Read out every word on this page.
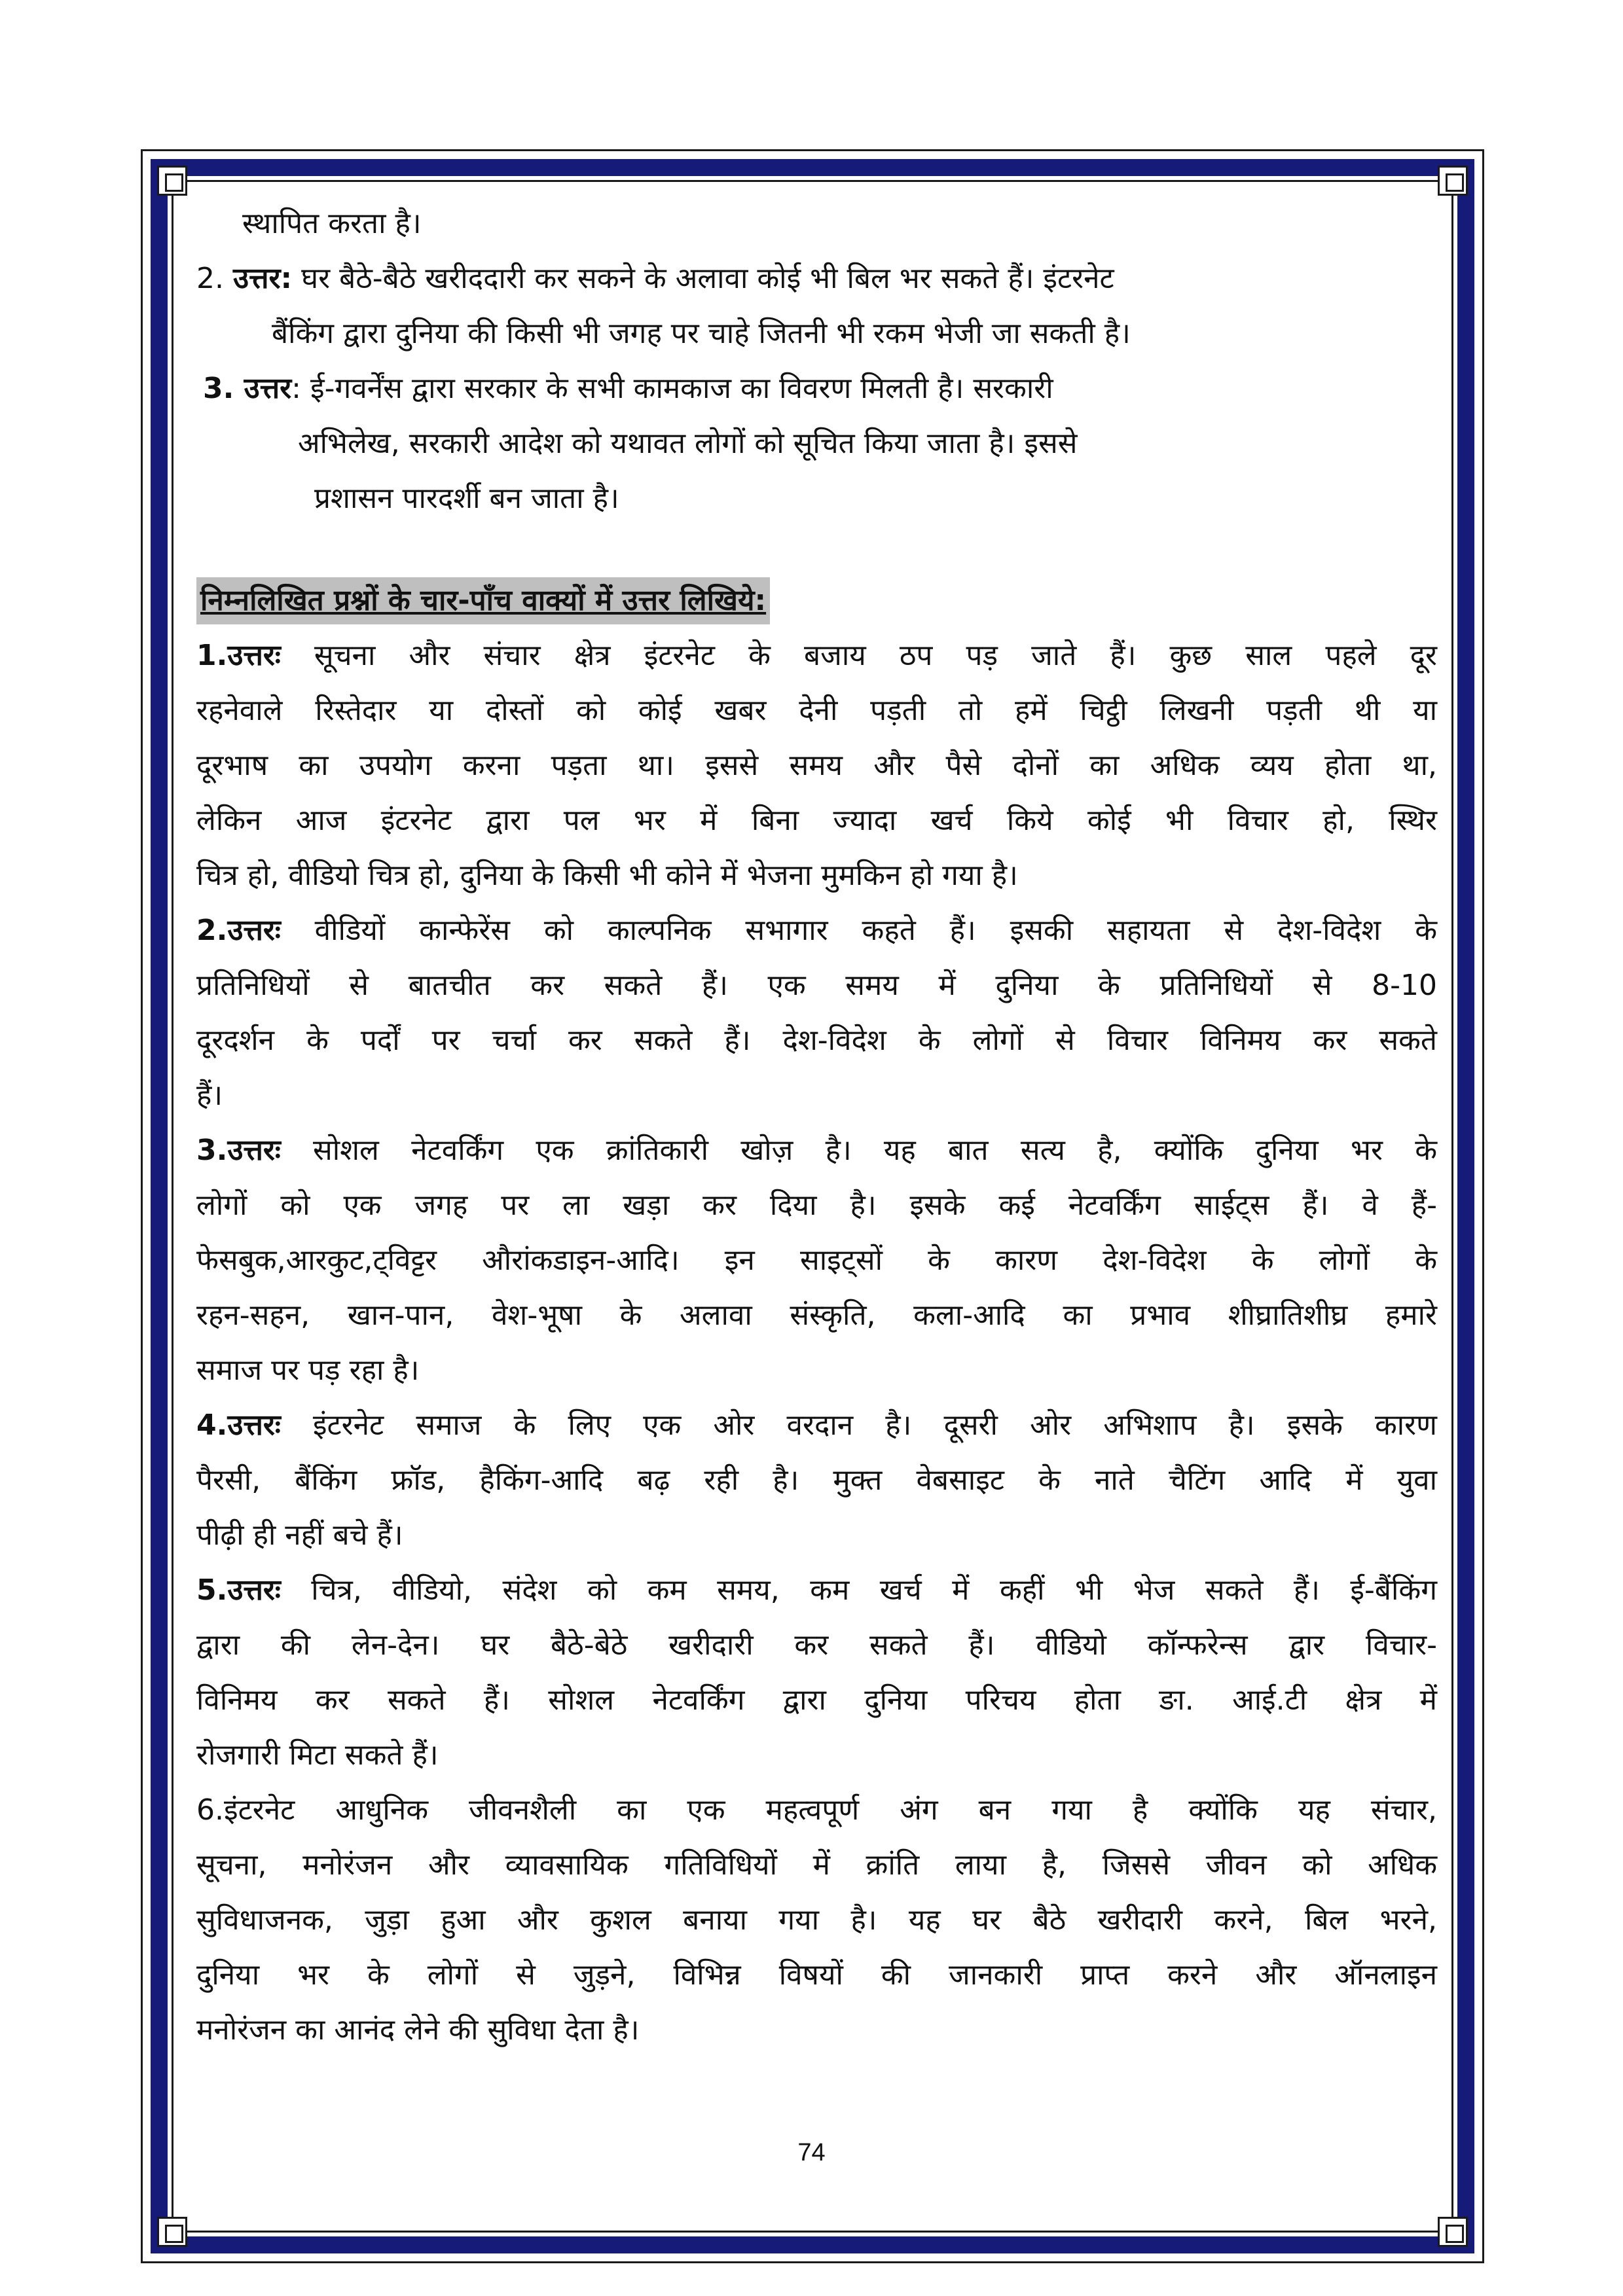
स्थापित करता है।
2. उत्तर: घर बैठे-बैठे खरीददारी कर सकने के अलावा कोई भी बिल भर सकते हैं। इंटरनेट
बैंकिंग द्वारा दुनिया की किसी भी जगह पर चाहे जितनी भी रकम भेजी जा सकती है।
3. उत्तर: ई-गवर्नेंस द्वारा सरकार के सभी कामकाज का विवरण मिलती है। सरकारी
अभिलेख, सरकारी आदेश को यथावत लोगों को सूचित किया जाता है। इससे
प्रशासन पारदर्शी बन जाता है।
निम्नलिखित प्रश्नों के चार-पाँच वाक्यों में उत्तर लिखिये:
1.उत्तरः सूचना और संचार क्षेत्र इंटरनेट के बजाय ठप पड़ जाते हैं। कुछ साल पहले दूर
रहनेवाले रिस्तेदार या दोस्तों को कोई खबर देनी पड़ती तो हमें चिट्ठी लिखनी पड़ती थी या
दूरभाष का उपयोग करना पड़ता था। इससे समय और पैसे दोनों का अधिक व्यय होता था,
लेकिन आज इंटरनेट द्वारा पल भर में बिना ज्यादा खर्च किये कोई भी विचार हो, स्थिर
चित्र हो, वीडियो चित्र हो, दुनिया के किसी भी कोने में भेजना मुमकिन हो गया है।
2.उत्तरः वीडियों कान्फेरेंस को काल्पनिक सभागार कहते हैं। इसकी सहायता से देश-विदेश के
प्रतिनिधियों से बातचीत कर सकते हैं। एक समय में दुनिया के प्रतिनिधियों से 8-10
दूरदर्शन के पर्दों पर चर्चा कर सकते हैं। देश-विदेश के लोगों से विचार विनिमय कर सकते
हैं।
3.उत्तरः सोशल नेटवर्किंग एक क्रांतिकारी खोज़ है। यह बात सत्य है, क्योंकि दुनिया भर के
लोगों को एक जगह पर ला खड़ा कर दिया है। इसके कई नेटवर्किंग साईट्स हैं। वे हैं-
फेसबुक,आरकुट,ट्विट्टर औरांकडाइन-आदि। इन साइट्सों के कारण देश-विदेश के लोगों के
रहन-सहन, खान-पान, वेश-भूषा के अलावा संस्कृति, कला-आदि का प्रभाव शीघ्रातिशीघ्र हमारे
समाज पर पड़ रहा है।
4.उत्तरः इंटरनेट समाज के लिए एक ओर वरदान है। दूसरी ओर अभिशाप है। इसके कारण
पैरसी, बैंकिंग फ्रॉड, हैकिंग-आदि बढ़ रही है। मुक्त वेबसाइट के नाते चैटिंग आदि में युवा
पीढ़ी ही नहीं बचे हैं।
5.उत्तरः चित्र, वीडियो, संदेश को कम समय, कम खर्च में कहीं भी भेज सकते हैं। ई-बैंकिंग
द्वारा की लेन-देन। घर बैठे-बेठे खरीदारी कर सकते हैं। वीडियो कॉन्फरेन्स द्वार विचार-
विनिमय कर सकते हैं। सोशल नेटवर्किंग द्वारा दुनिया परिचय होता ङा. आई.टी क्षेत्र में
रोजगारी मिटा सकते हैं।
6.इंटरनेट आधुनिक जीवनशैली का एक महत्वपूर्ण अंग बन गया है क्योंकि यह संचार,
सूचना, मनोरंजन और व्यावसायिक गतिविधियों में क्रांति लाया है, जिससे जीवन को अधिक
सुविधाजनक, जुड़ा हुआ और कुशल बनाया गया है। यह घर बैठे खरीदारी करने, बिल भरने,
दुनिया भर के लोगों से जुड़ने, विभिन्न विषयों की जानकारी प्राप्त करने और ऑनलाइन
मनोरंजन का आनंद लेने की सुविधा देता है।
74
